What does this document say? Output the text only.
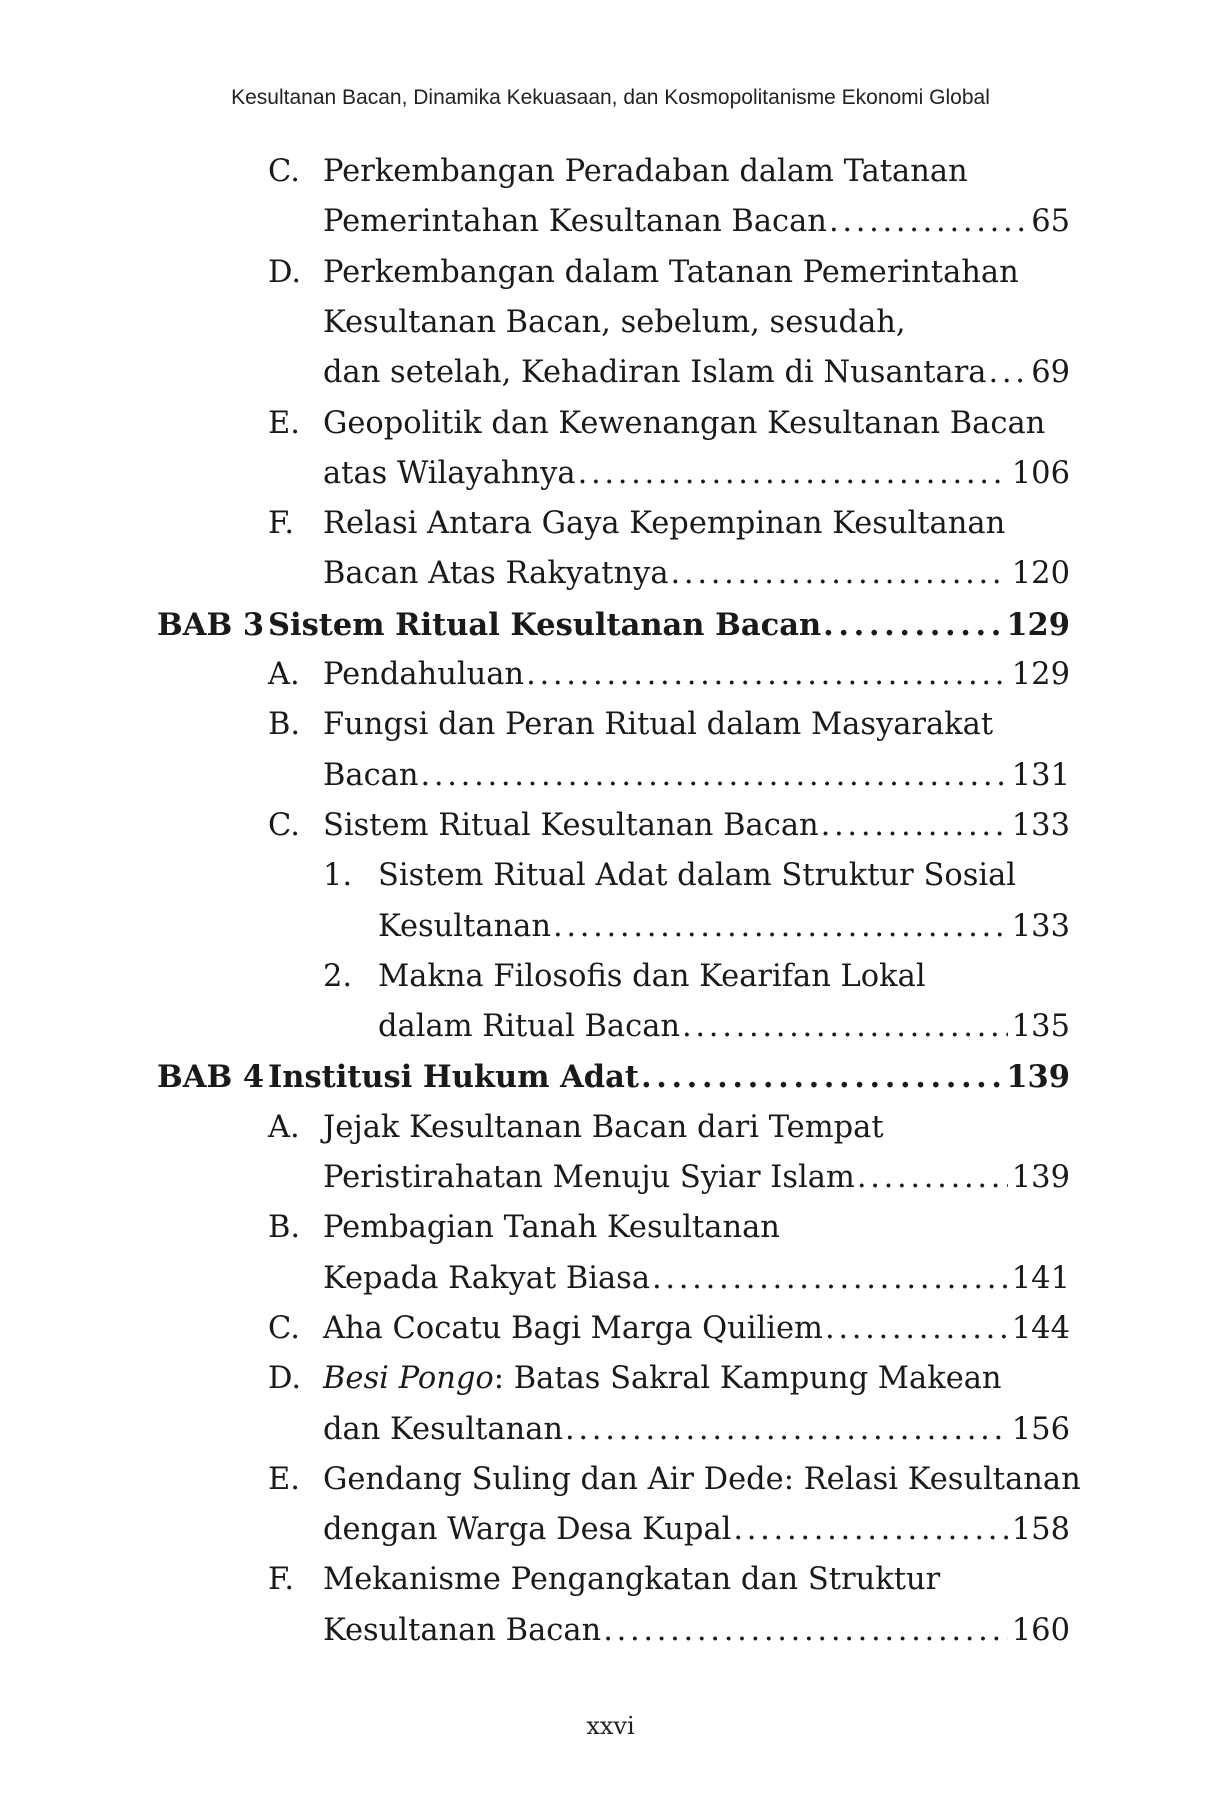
Kesultanan Bacan, Dinamika Kekuasaan, dan Kosmopolitanisme Ekonomi Global
C. Perkembangan Peradaban dalam Tatanan
Pemerintahan Kesultanan Bacan . . .	65
D. Perkembangan dalam Tatanan Pemerintahan
Kesultanan Bacan, sebelum, sesudah,
dan setelah, Kehadiran Islam di Nusantara . . . 69
E. Geopolitik dan Kewenangan Kesultanan Bacan
atas Wilayahnya . . .	106
F. Relasi Antara Gaya Kepempinan Kesultanan
Bacan Atas Rakyatnya . . .	120
BAB 3 Sistem Ritual Kesultanan Bacan . . .	129
A. Pendahuluan . . .	129
B. Fungsi dan Peran Ritual dalam Masyarakat
Bacan . . .	131
C. Sistem Ritual Kesultanan Bacan . . .	133
1. Sistem Ritual Adat dalam Struktur Sosial
Kesultanan . . .	133
2. Makna Filosofis dan Kearifan Lokal
dalam Ritual Bacan . . .	135
BAB 4 Institusi Hukum Adat . . .	139
A. Jejak Kesultanan Bacan dari Tempat
Peristirahatan Menuju Syiar Islam . . .	139
B. Pembagian Tanah Kesultanan
Kepada Rakyat Biasa . . .	141
C. Aha Cocatu Bagi Marga Quiliem . . .	144
D. Besi Pongo: Batas Sakral Kampung Makean
dan Kesultanan . . .	156
E. Gendang Suling dan Air Dede: Relasi Kesultanan
dengan Warga Desa Kupal . . .	158
F. Mekanisme Pengangkatan dan Struktur
Kesultanan Bacan . . .	160
xxvi
